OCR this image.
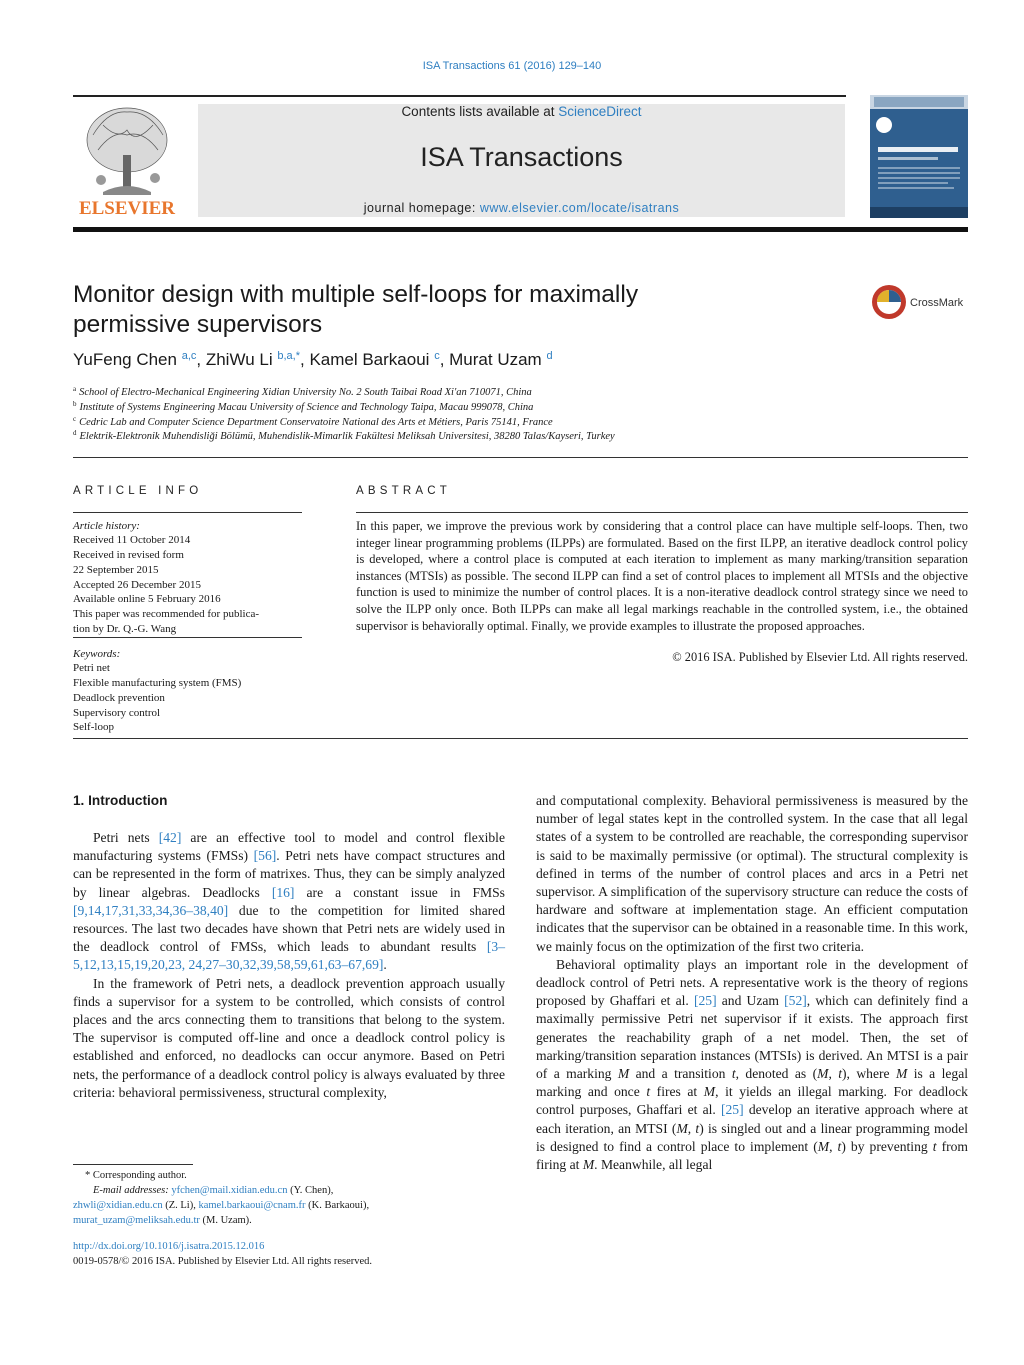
ISA Transactions 61 (2016) 129–140
ELSEVIER
Contents lists available at ScienceDirect
ISA Transactions
journal homepage: www.elsevier.com/locate/isatrans
Monitor design with multiple self-loops for maximally
permissive supervisors
CrossMark
YuFeng Chen $^{a,c}$, ZhiWu Li $^{b,a,*}$, Kamel Barkaoui $^c$, Murat Uzam $^d$
$^a$ School of Electro-Mechanical Engineering Xidian University No. 2 South Taibai Road Xi'an 710071, China
$^b$ Institute of Systems Engineering Macau University of Science and Technology Taipa, Macau 999078, China
$^c$ Cedric Lab and Computer Science Department Conservatoire National des Arts et Métiers, Paris 75141, France
$^d$ Elektrik-Elektronik Muhendisliği Bölümü, Muhendislik-Mimarlik Fakültesi Meliksah Universitesi, 38280 Talas/Kayseri, Turkey
ARTICLE INFO	ABSTRACT
Article history:
Received 11 October 2014
Received in revised form
22 September 2015
Accepted 26 December 2015
Available online 5 February 2016
This paper was recommended for publica-
tion by Dr. Q.-G. Wang
Keywords:
Petri net
Flexible manufacturing system (FMS)
Deadlock prevention
Supervisory control
Self-loop
In this paper, we improve the previous work by considering that a control place can have multiple self-loops. Then, two integer linear programming problems (ILPPs) are formulated. Based on the first ILPP, an iterative deadlock control policy is developed, where a control place is computed at each iteration to implement as many marking/transition separation instances (MTSIs) as possible. The second ILPP can find a set of control places to implement all MTSIs and the objective function is used to minimize the number of control places. It is a non-iterative deadlock control strategy since we need to solve the ILPP only once. Both ILPPs can make all legal markings reachable in the controlled system, i.e., the obtained supervisor is behaviorally optimal. Finally, we provide examples to illustrate the proposed approaches.
© 2016 ISA. Published by Elsevier Ltd. All rights reserved.
1. Introduction

Petri nets [42] are an effective tool to model and control flexible manufacturing systems (FMSs) [56]. Petri nets have compact structures and can be represented in the form of matrixes. Thus, they can be simply analyzed by linear algebras. Deadlocks [16] are a constant issue in FMSs [9,14,17,31,33,34,36–38,40] due to the competition for limited shared resources. The last two decades have shown that Petri nets are widely used in the deadlock control of FMSs, which leads to abundant results [3–5,12,13,15,19,20,23, 24,27–30,32,39,58,59,61,63–67,69].

In the framework of Petri nets, a deadlock prevention approach usually finds a supervisor for a system to be controlled, which consists of control places and the arcs connecting them to transitions that belong to the system. The supervisor is computed off-line and once a deadlock control policy is established and enforced, no deadlocks can occur anymore. Based on Petri nets, the performance of a deadlock control policy is always evaluated by three criteria: behavioral permissiveness, structural complexity,

and computational complexity. Behavioral permissiveness is measured by the number of legal states kept in the controlled system. In the case that all legal states of a system to be controlled are reachable, the corresponding supervisor is said to be maximally permissive (or optimal). The structural complexity is defined in terms of the number of control places and arcs in a Petri net supervisor. A simplification of the supervisory structure can reduce the costs of hardware and software at implementation stage. An efficient computation indicates that the supervisor can be obtained in a reasonable time. In this work, we mainly focus on the optimization of the first two criteria.

Behavioral optimality plays an important role in the development of deadlock control of Petri nets. A representative work is the theory of regions proposed by Ghaffari et al. [25] and Uzam [52], which can definitely find a maximally permissive Petri net supervisor if it exists. The approach first generates the reachability graph of a net model. Then, the set of marking/transition separation instances (MTSIs) is derived. An MTSI is a pair of a marking M and a transition t, denoted as (M, t), where M is a legal marking and once t fires at M, it yields an illegal marking. For deadlock control purposes, Ghaffari et al. [25] develop an iterative approach where at each iteration, an MTSI (M, t) is singled out and a linear programming model is designed to find a control place to implement (M, t) by preventing t from firing at M. Meanwhile, all legal

* Corresponding author.
E-mail addresses: yfchen@mail.xidian.edu.cn (Y. Chen),
zhwli@xidian.edu.cn (Z. Li), kamel.barkaoui@cnam.fr (K. Barkaoui),
murat_uzam@meliksah.edu.tr (M. Uzam).
http://dx.doi.org/10.1016/j.isatra.2015.12.016
0019-0578/© 2016 ISA. Published by Elsevier Ltd. All rights reserved.
